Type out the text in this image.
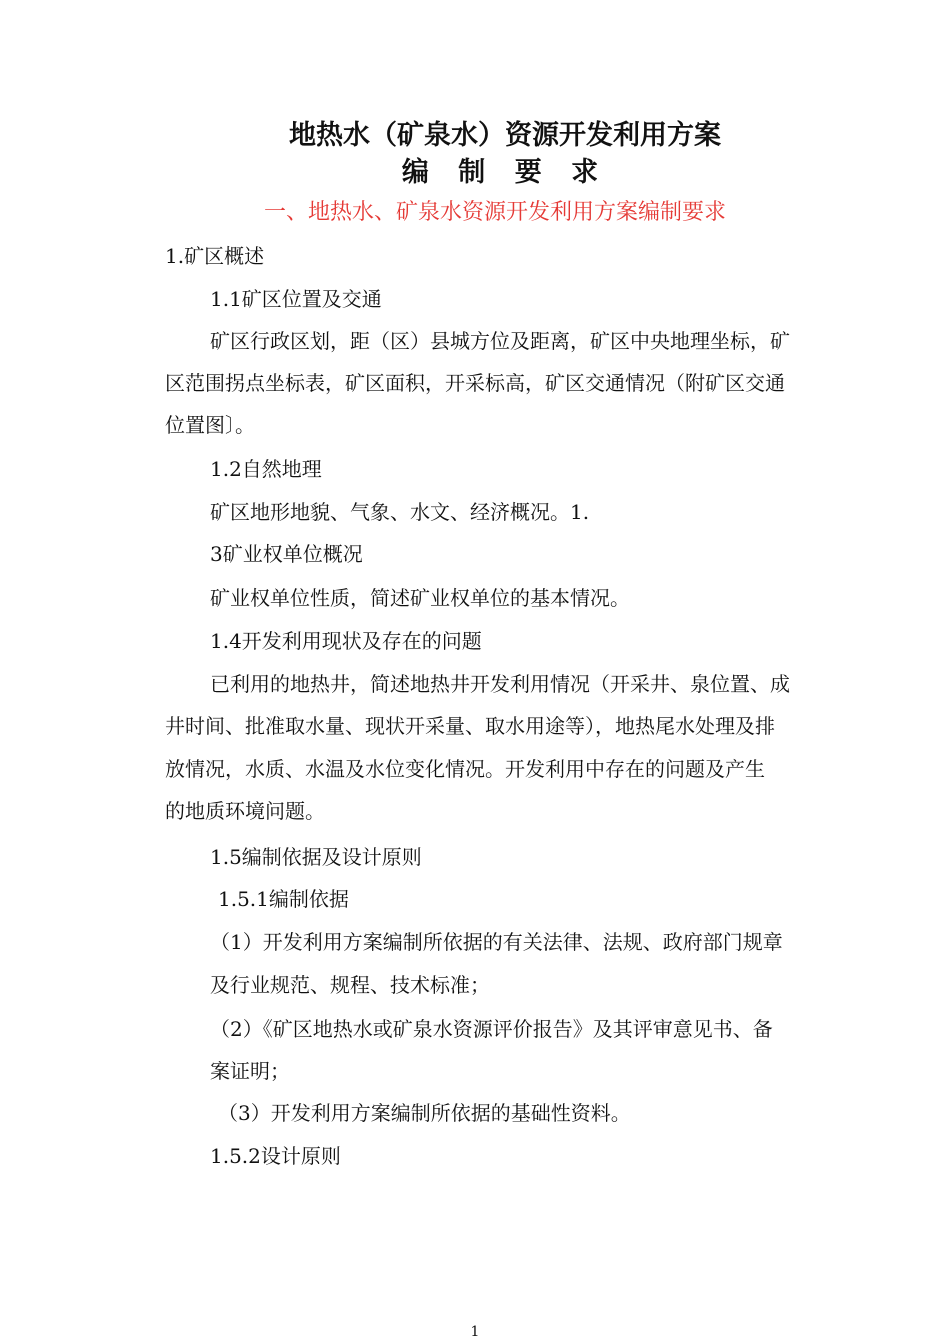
地热水（矿泉水）资源开发利用方案
编 制 要 求
一、地热水、矿泉水资源开发利用方案编制要求
1.矿区概述
1.1矿区位置及交通
矿区行政区划，距（区）县城方位及距离，矿区中央地理坐标，矿
区范围拐点坐标表，矿区面积，开采标高，矿区交通情况（附矿区交通
位置图〕。
1.2自然地理
矿区地形地貌、气象、水文、经济概况。1.
3矿业权单位概况
矿业权单位性质，简述矿业权单位的基本情况。
1.4开发利用现状及存在的问题
已利用的地热井，简述地热井开发利用情况（开采井、泉位置、成
井时间、批准取水量、现状开采量、取水用途等），地热尾水处理及排
放情况，水质、水温及水位变化情况。开发利用中存在的问题及产生
的地质环境问题。
1.5编制依据及设计原则
1.5.1编制依据
（1）开发利用方案编制所依据的有关法律、法规、政府部门规章
及行业规范、规程、技术标准；
（2）《矿区地热水或矿泉水资源评价报告》及其评审意见书、备
案证明；
（3）开发利用方案编制所依据的基础性资料。
1.5.2设计原则
1
